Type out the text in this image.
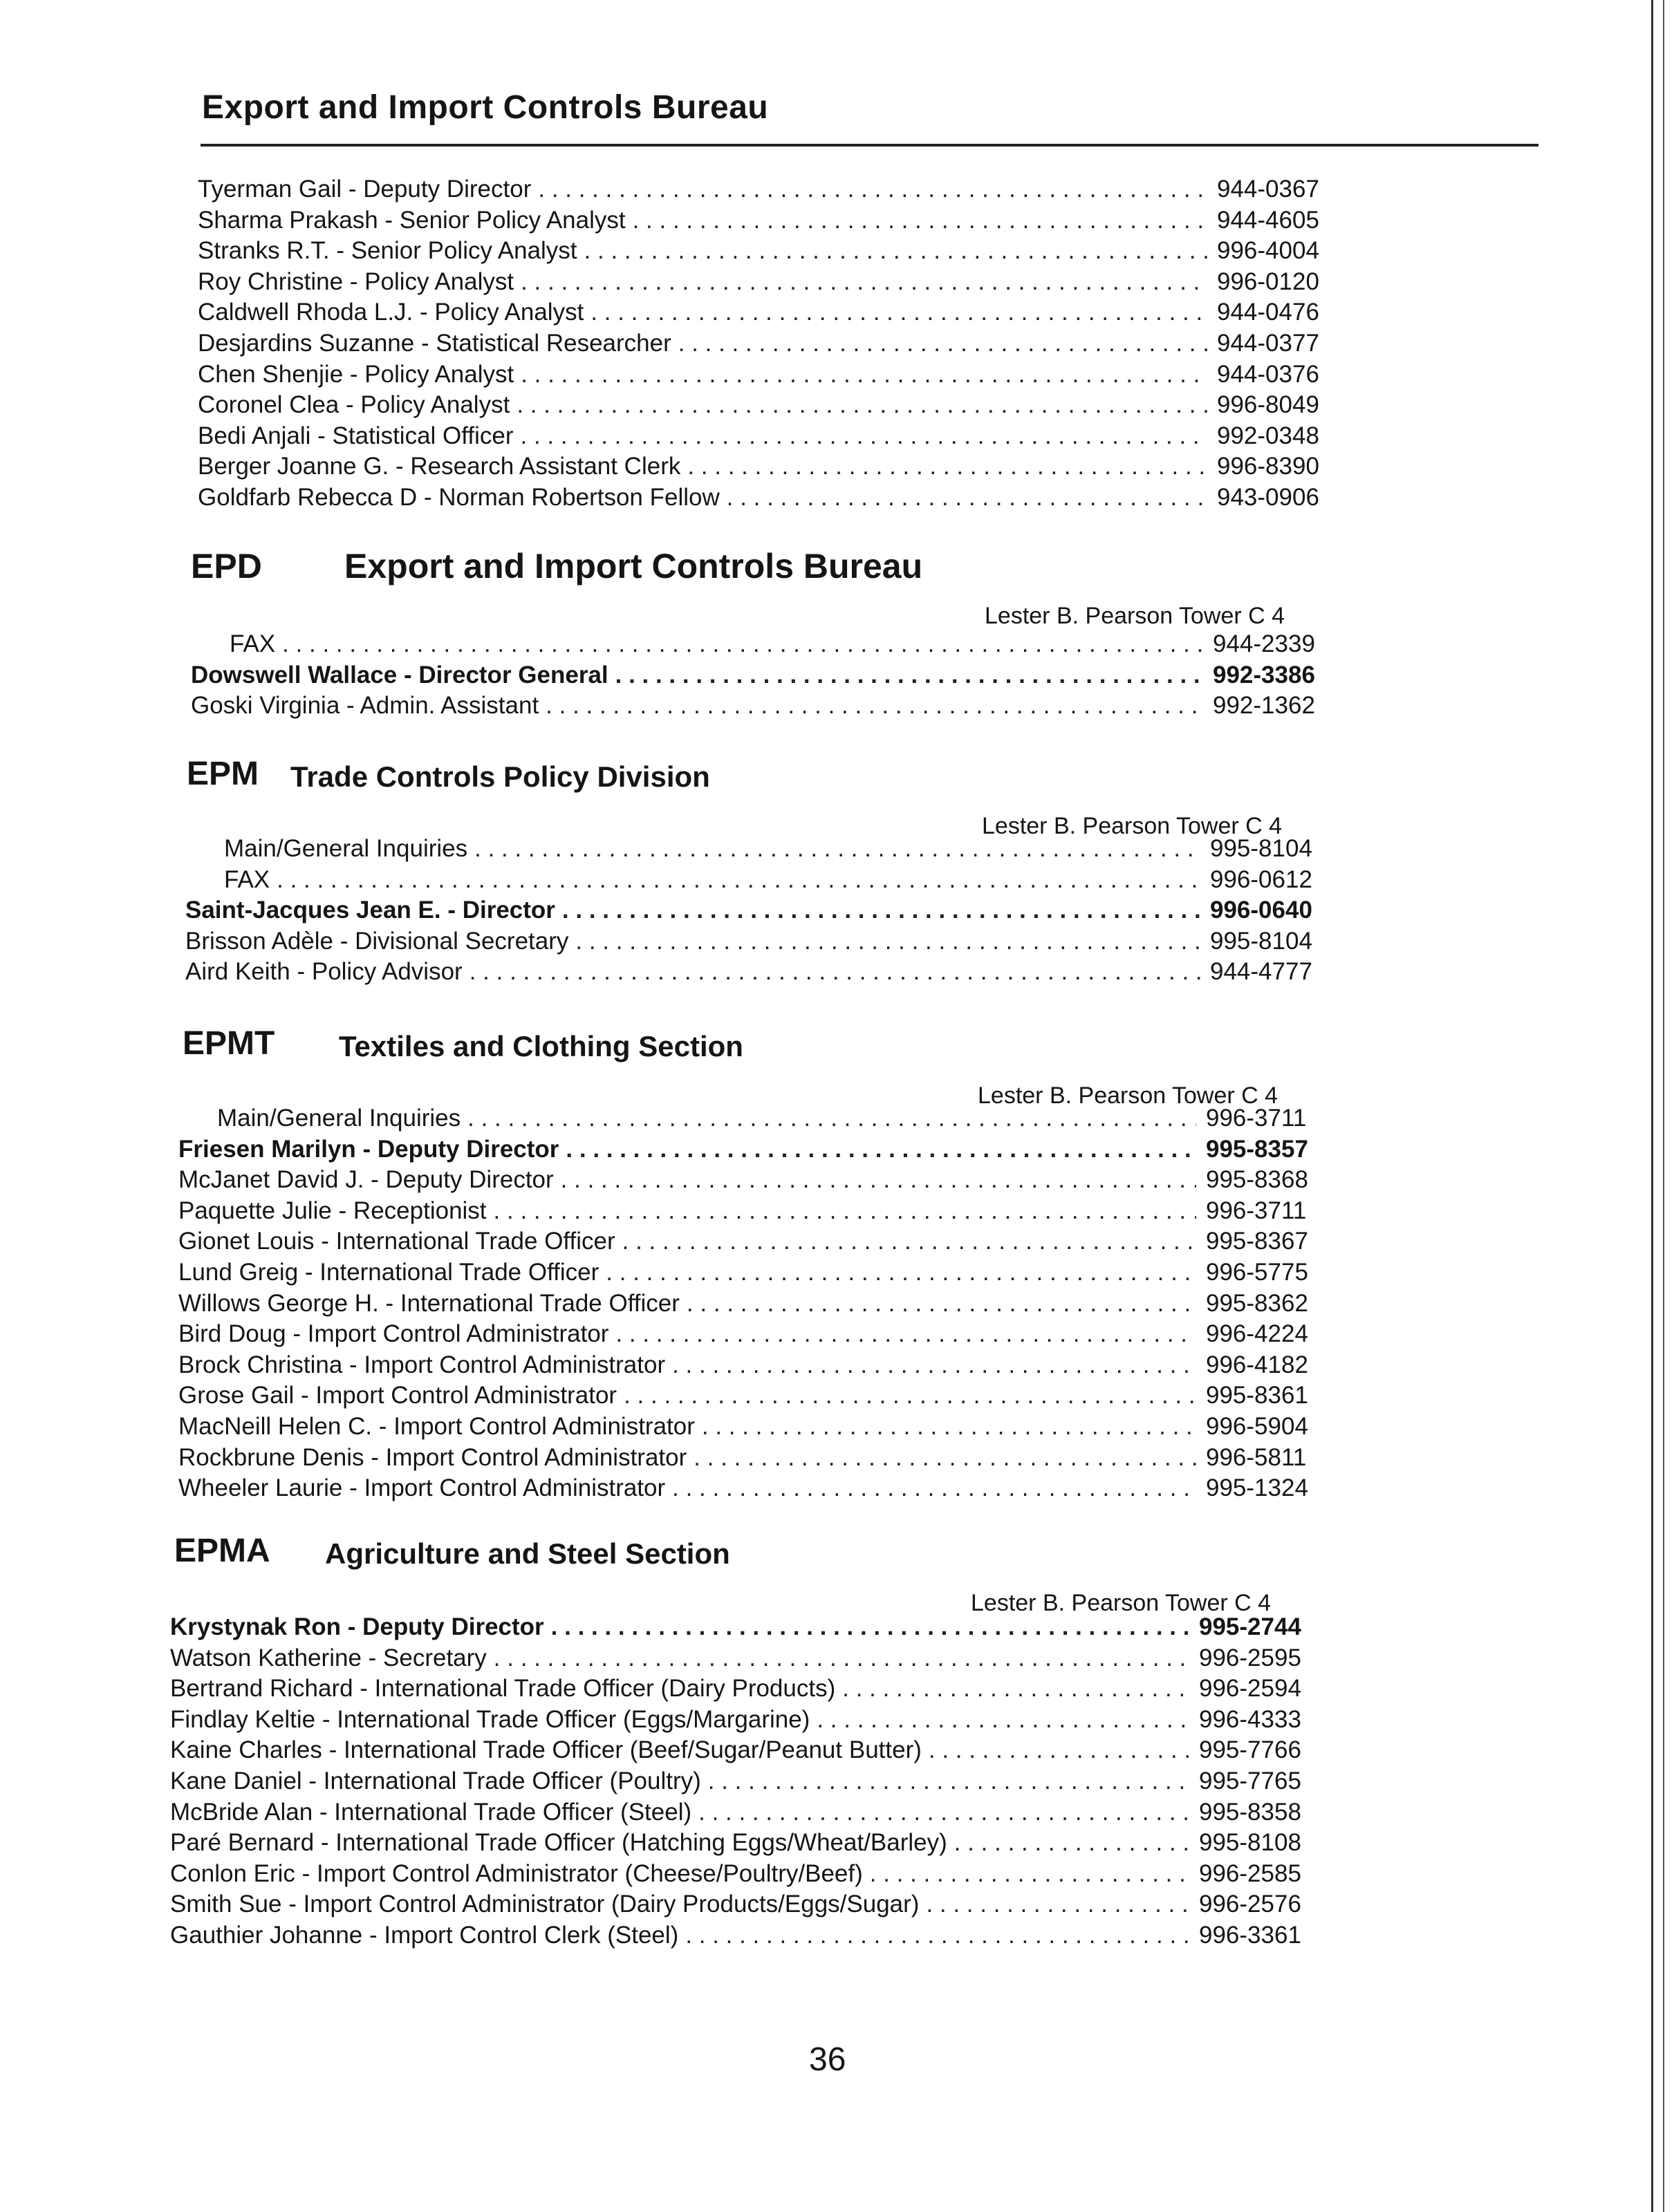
Export and Import Controls Bureau
Tyerman Gail - Deputy Director . . .	944-0367
Sharma Prakash - Senior Policy Analyst . . .	944-4605
Stranks R.T. - Senior Policy Analyst . . .	996-4004
Roy Christine - Policy Analyst . . .	996-0120
Caldwell Rhoda L.J. - Policy Analyst . . .	944-0476
Desjardins Suzanne - Statistical Researcher . . .	944-0377
Chen Shenjie - Policy Analyst . . .	944-0376
Coronel Clea - Policy Analyst . . .	996-8049
Bedi Anjali - Statistical Officer . . .	992-0348
Berger Joanne G. - Research Assistant Clerk . . .	996-8390
Goldfarb Rebecca D - Norman Robertson Fellow . . .	943-0906
EPD Export and Import Controls Bureau
Lester B. Pearson Tower C 4
FAX . . .	944-2339
Dowswell Wallace - Director General . . .	992-3386
Goski Virginia - Admin. Assistant . . .	992-1362
EPM Trade Controls Policy Division
Lester B. Pearson Tower C 4
Main/General Inquiries . . .	995-8104
FAX . . .	996-0612
Saint-Jacques Jean E. - Director . . .	996-0640
Brisson Adèle - Divisional Secretary . . .	995-8104
Aird Keith - Policy Advisor . . .	944-4777
EPMT Textiles and Clothing Section
Lester B. Pearson Tower C 4
Main/General Inquiries . . .	996-3711
Friesen Marilyn - Deputy Director . . .	995-8357
McJanet David J. - Deputy Director . . .	995-8368
Paquette Julie - Receptionist . . .	996-3711
Gionet Louis - International Trade Officer . . .	995-8367
Lund Greig - International Trade Officer . . .	996-5775
Willows George H. - International Trade Officer . . .	995-8362
Bird Doug - Import Control Administrator . . .	996-4224
Brock Christina - Import Control Administrator . . .	996-4182
Grose Gail - Import Control Administrator . . .	995-8361
MacNeill Helen C. - Import Control Administrator . . .	996-5904
Rockbrune Denis - Import Control Administrator . . .	996-5811
Wheeler Laurie - Import Control Administrator . . .	995-1324
EPMA Agriculture and Steel Section
Lester B. Pearson Tower C 4
Krystynak Ron - Deputy Director . . .	995-2744
Watson Katherine - Secretary . . .	996-2595
Bertrand Richard - International Trade Officer (Dairy Products) . . .	996-2594
Findlay Keltie - International Trade Officer (Eggs/Margarine) . . .	996-4333
Kaine Charles - International Trade Officer (Beef/Sugar/Peanut Butter) . . .	995-7766
Kane Daniel - International Trade Officer (Poultry) . . .	995-7765
McBride Alan - International Trade Officer (Steel) . . .	995-8358
Paré Bernard - International Trade Officer (Hatching Eggs/Wheat/Barley) . . .	995-8108
Conlon Eric - Import Control Administrator (Cheese/Poultry/Beef) . . .	996-2585
Smith Sue - Import Control Administrator (Dairy Products/Eggs/Sugar) . . .	996-2576
Gauthier Johanne - Import Control Clerk (Steel) . . .	996-3361
36
